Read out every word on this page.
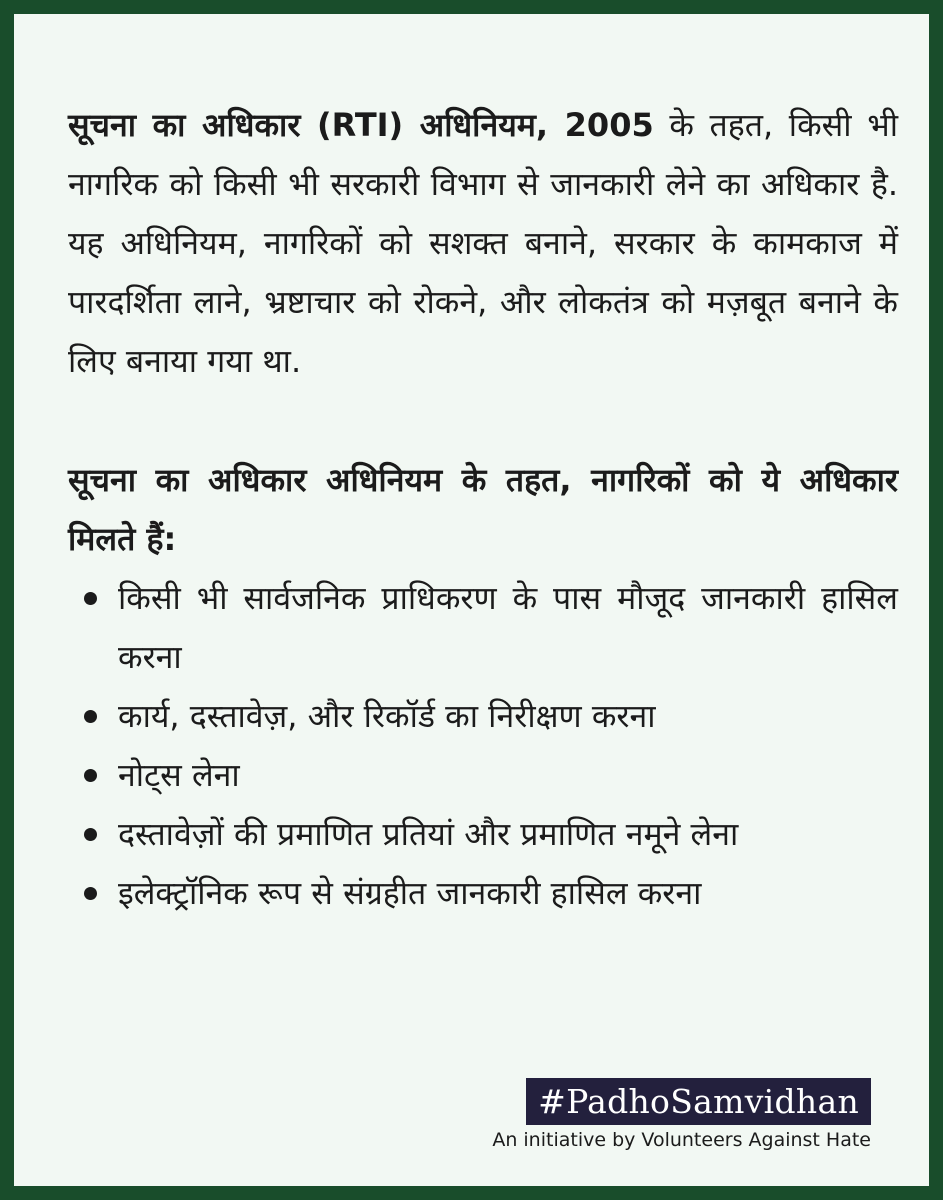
सूचना का अधिकार (RTI) अधिनियम, 2005 के तहत, किसी भी नागरिक को किसी भी सरकारी विभाग से जानकारी लेने का अधिकार है. यह अधिनियम, नागरिकों को सशक्त बनाने, सरकार के कामकाज में पारदर्शिता लाने, भ्रष्टाचार को रोकने, और लोकतंत्र को मज़बूत बनाने के लिए बनाया गया था.

सूचना का अधिकार अधिनियम के तहत, नागरिकों को ये अधिकार मिलते हैं:

किसी भी सार्वजनिक प्राधिकरण के पास मौजूद जानकारी हासिल करना
कार्य, दस्तावेज़, और रिकॉर्ड का निरीक्षण करना
नोट्स लेना
दस्तावेज़ों की प्रमाणित प्रतियां और प्रमाणित नमूने लेना
इलेक्ट्रॉनिक रूप से संग्रहीत जानकारी हासिल करना
#PadhoSamvidhan
An initiative by Volunteers Against Hate
